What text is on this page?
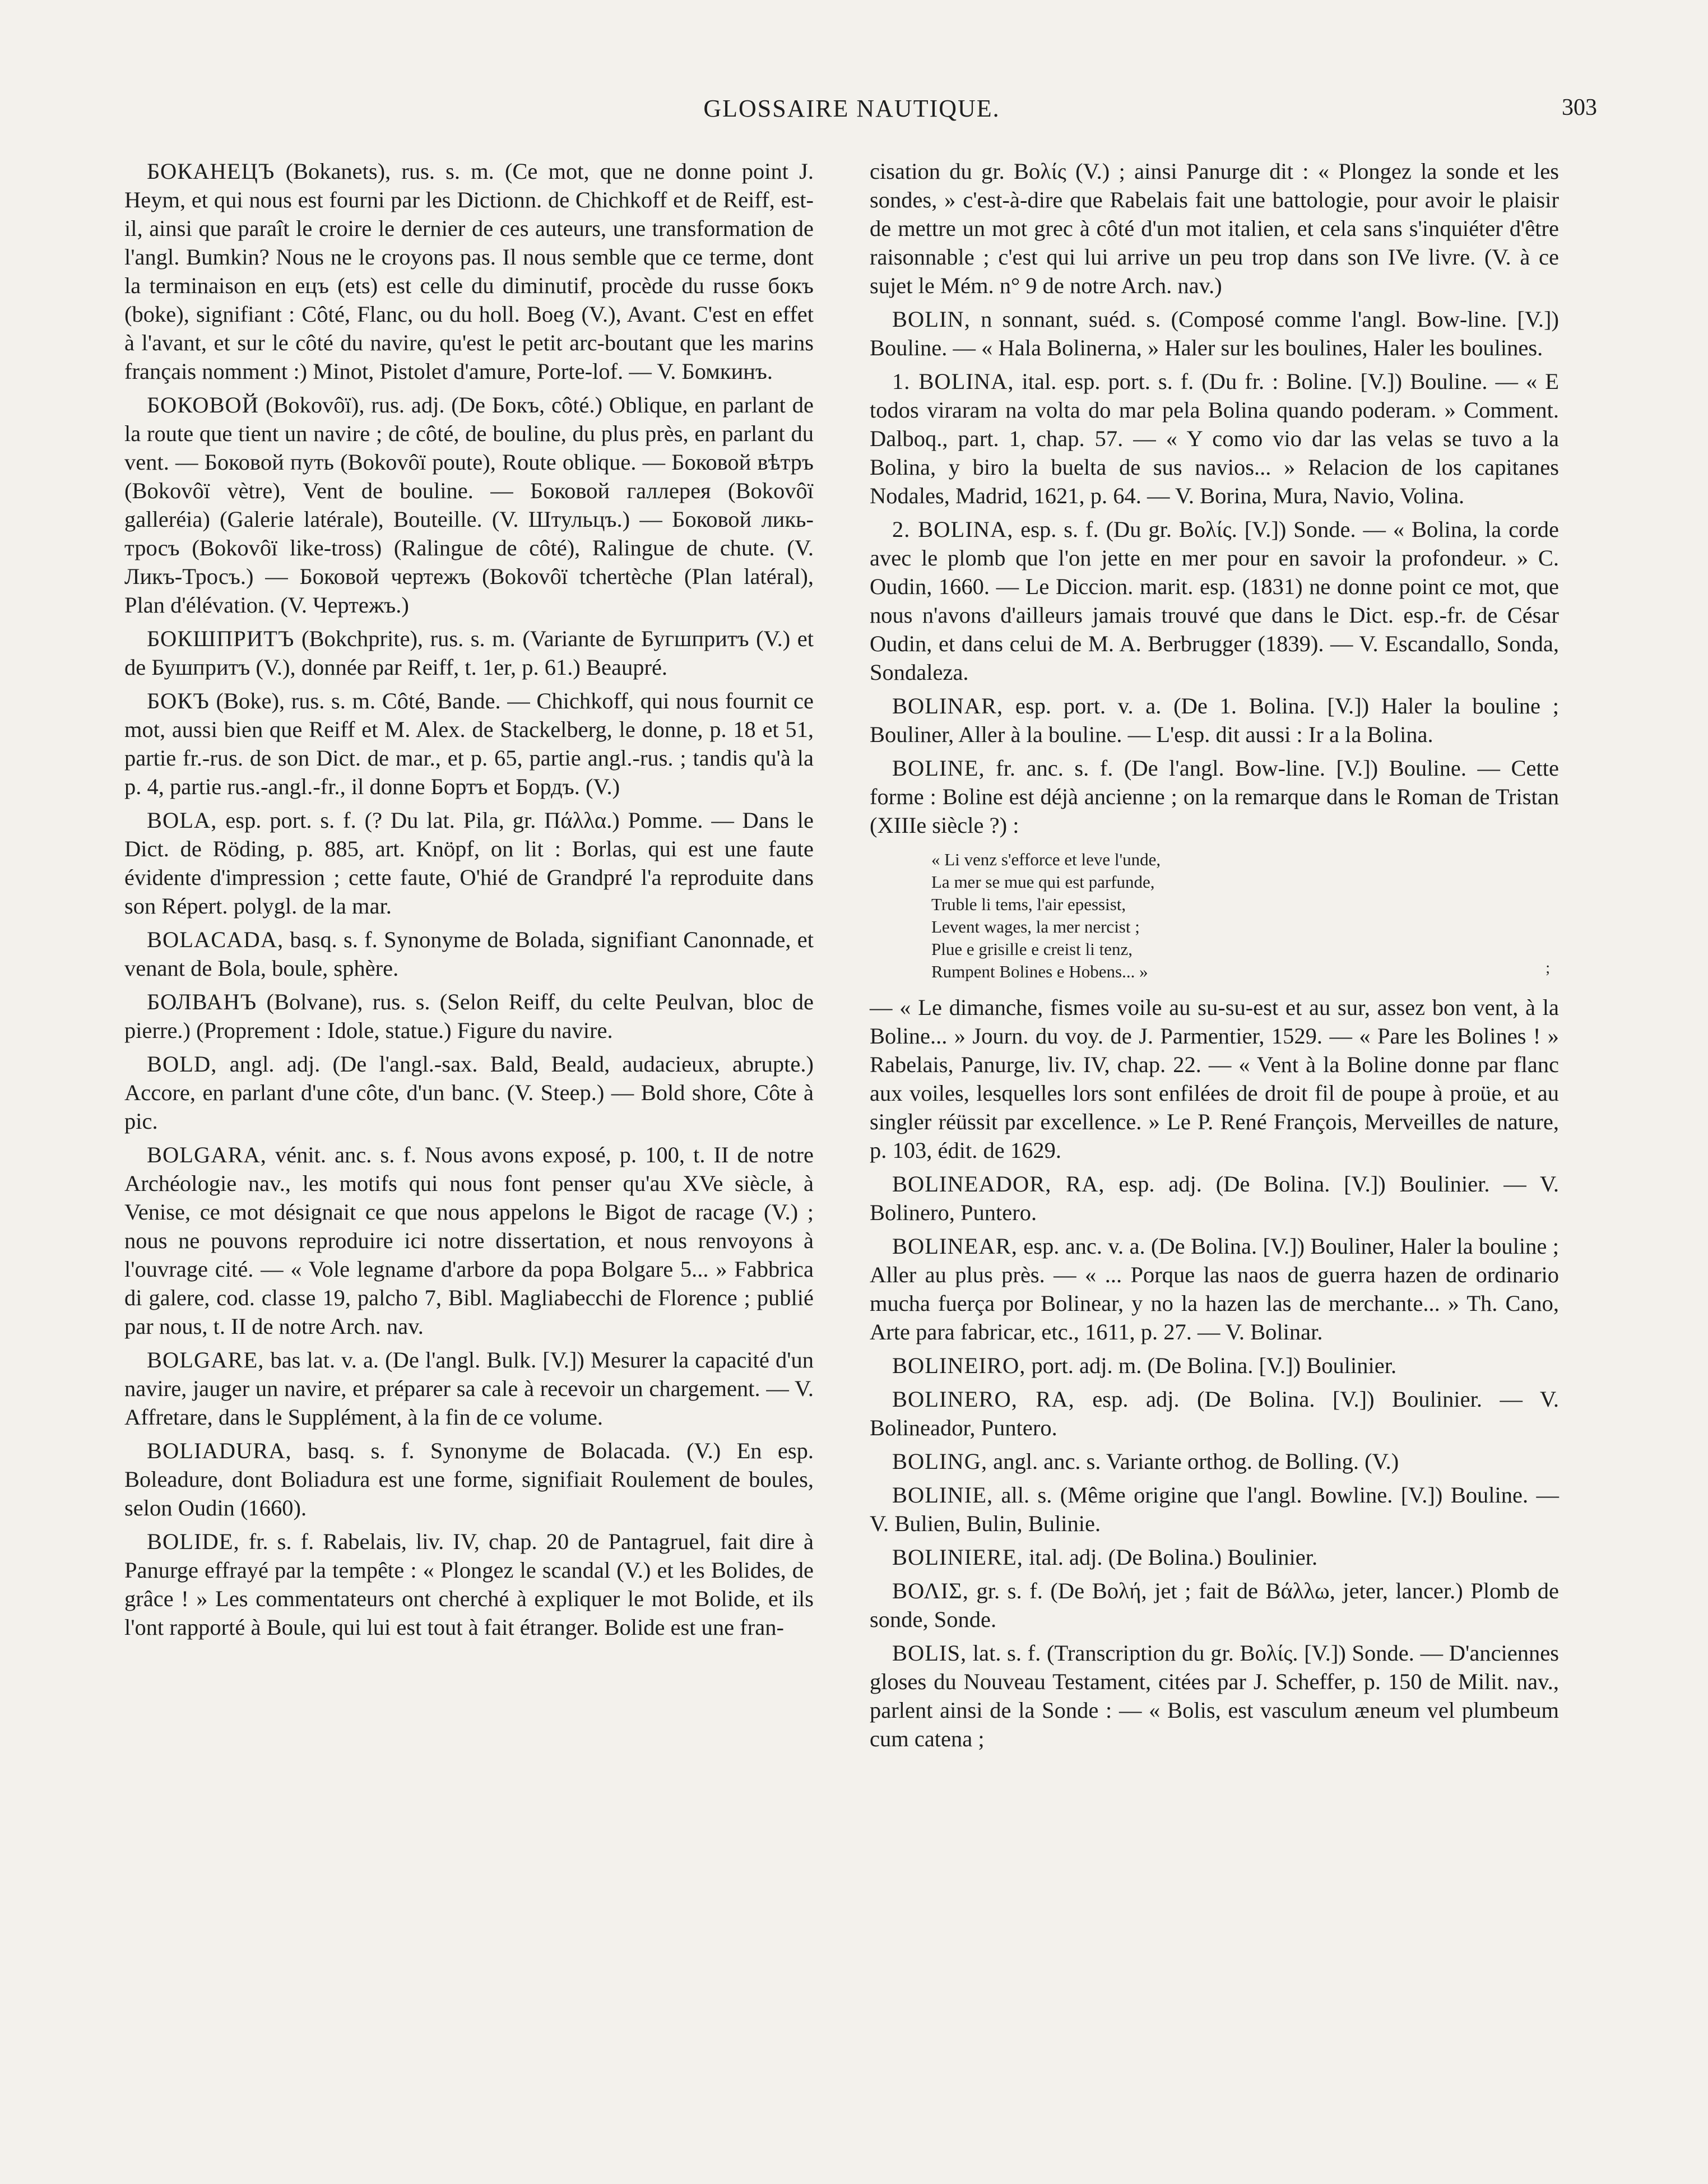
GLOSSAIRE NAUTIQUE.	303

БОКАНЕЦЪ (Bokanets), rus. s. m. (Ce mot, que ne donne point J. Heym, et qui nous est fourni par les Dictionn. de Chichkoff et de Reiff, est-il, ainsi que paraît le croire le dernier de ces auteurs, une transformation de l'angl. Bumkin? Nous ne le croyons pas. Il nous semble que ce terme, dont la terminaison en ецъ (ets) est celle du diminutif, procède du russe бокъ (boke), signifiant : Côté, Flanc, ou du holl. Boeg (V.), Avant. C'est en effet à l'avant, et sur le côté du navire, qu'est le petit arc-boutant que les marins français nomment :) Minot, Pistolet d'amure, Porte-lof. — V. Бомкинъ.

БОКОВОЙ (Bokovôï), rus. adj. (De Бокъ, côté.) Oblique, en parlant de la route que tient un navire ; de côté, de bouline, du plus près, en parlant du vent. — Боковой путь (Bokovôï poute), Route oblique. — Боковой вѣтръ (Bokovôï vètre), Vent de bouline. — Боковой галлерея (Bokovôï galleréia) (Galerie latérale), Bouteille. (V. Штульцъ.) — Боковой ликь-тросъ (Bokovôï like-tross) (Ralingue de côté), Ralingue de chute. (V. Ликъ-Тросъ.) — Боковой чертежъ (Bokovôï tchertèche (Plan latéral), Plan d'élévation. (V. Чертежъ.)

БОКШПРИТЪ (Bokchprite), rus. s. m. (Variante de Бугшпритъ (V.) et de Бушпритъ (V.), donnée par Reiff, t. 1er, p. 61.) Beaupré.

БОКЪ (Boke), rus. s. m. Côté, Bande. — Chichkoff, qui nous fournit ce mot, aussi bien que Reiff et M. Alex. de Stackelberg, le donne, p. 18 et 51, partie fr.-rus. de son Dict. de mar., et p. 65, partie angl.-rus. ; tandis qu'à la p. 4, partie rus.-angl.-fr., il donne Бортъ et Бордъ. (V.)

BOLA, esp. port. s. f. (? Du lat. Pila, gr. Πάλλα.) Pomme. — Dans le Dict. de Röding, p. 885, art. Knöpf, on lit : Borlas, qui est une faute évidente d'impression ; cette faute, O'hié de Grandpré l'a reproduite dans son Répert. polygl. de la mar.

BOLACADA, basq. s. f. Synonyme de Bolada, signifiant Canonnade, et venant de Bola, boule, sphère.

БОЛВАНЪ (Bolvane), rus. s. (Selon Reiff, du celte Peulvan, bloc de pierre.) (Proprement : Idole, statue.) Figure du navire.

BOLD, angl. adj. (De l'angl.-sax. Bald, Beald, audacieux, abrupte.) Accore, en parlant d'une côte, d'un banc. (V. Steep.) — Bold shore, Côte à pic.

BOLGARA, vénit. anc. s. f. Nous avons exposé, p. 100, t. II de notre Archéologie nav., les motifs qui nous font penser qu'au XVe siècle, à Venise, ce mot désignait ce que nous appelons le Bigot de racage (V.) ; nous ne pouvons reproduire ici notre dissertation, et nous renvoyons à l'ouvrage cité. — « Vole legname d'arbore da popa Bolgare 5... » Fabbrica di galere, cod. classe 19, palcho 7, Bibl. Magliabecchi de Florence ; publié par nous, t. II de notre Arch. nav.

BOLGARE, bas lat. v. a. (De l'angl. Bulk. [V.]) Mesurer la capacité d'un navire, jauger un navire, et préparer sa cale à recevoir un chargement. — V. Affretare, dans le Supplément, à la fin de ce volume.

BOLIADURA, basq. s. f. Synonyme de Bolacada. (V.) En esp. Boleadure, dont Boliadura est une forme, signifiait Roulement de boules, selon Oudin (1660).

BOLIDE, fr. s. f. Rabelais, liv. IV, chap. 20 de Pantagruel, fait dire à Panurge effrayé par la tempête : « Plongez le scandal (V.) et les Bolides, de grâce ! » Les commentateurs ont cherché à expliquer le mot Bolide, et ils l'ont rapporté à Boule, qui lui est tout à fait étranger. Bolide est une fran-

cisation du gr. Βολίς (V.) ; ainsi Panurge dit : « Plongez la sonde et les sondes, » c'est-à-dire que Rabelais fait une battologie, pour avoir le plaisir de mettre un mot grec à côté d'un mot italien, et cela sans s'inquiéter d'être raisonnable ; c'est qui lui arrive un peu trop dans son IVe livre. (V. à ce sujet le Mém. n° 9 de notre Arch. nav.)

BOLIN, n sonnant, suéd. s. (Composé comme l'angl. Bow-line. [V.]) Bouline. — « Hala Bolinerna, » Haler sur les boulines, Haler les boulines.

1. BOLINA, ital. esp. port. s. f. (Du fr. : Boline. [V.]) Bouline. — « E todos viraram na volta do mar pela Bolina quando poderam. » Comment. Dalboq., part. 1, chap. 57. — « Y como vio dar las velas se tuvo a la Bolina, y biro la buelta de sus navios... » Relacion de los capitanes Nodales, Madrid, 1621, p. 64. — V. Borina, Mura, Navio, Volina.

2. BOLINA, esp. s. f. (Du gr. Βολίς. [V.]) Sonde. — « Bolina, la corde avec le plomb que l'on jette en mer pour en savoir la profondeur. » C. Oudin, 1660. — Le Diccion. marit. esp. (1831) ne donne point ce mot, que nous n'avons d'ailleurs jamais trouvé que dans le Dict. esp.-fr. de César Oudin, et dans celui de M. A. Berbrugger (1839). — V. Escandallo, Sonda, Sondaleza.

BOLINAR, esp. port. v. a. (De 1. Bolina. [V.]) Haler la bouline ; Bouliner, Aller à la bouline. — L'esp. dit aussi : Ir a la Bolina.

BOLINE, fr. anc. s. f. (De l'angl. Bow-line. [V.]) Bouline. — Cette forme : Boline est déjà ancienne ; on la remarque dans le Roman de Tristan (XIIIe siècle ?) :

« Li venz s'efforce et leve l'unde,
La mer se mue qui est parfunde,
Truble li tems, l'air epessist,
Levent wages, la mer nercist ;
Plue e grisille e creist li tenz,
Rumpent Bolines e Hobens... »	;

— « Le dimanche, fismes voile au su-su-est et au sur, assez bon vent, à la Boline... » Journ. du voy. de J. Parmentier, 1529. — « Pare les Bolines ! » Rabelais, Panurge, liv. IV, chap. 22. — « Vent à la Boline donne par flanc aux voiles, lesquelles lors sont enfilées de droit fil de poupe à proüe, et au singler réüssit par excellence. » Le P. René François, Merveilles de nature, p. 103, édit. de 1629.

BOLINEADOR, RA, esp. adj. (De Bolina. [V.]) Boulinier. — V. Bolinero, Puntero.

BOLINEAR, esp. anc. v. a. (De Bolina. [V.]) Bouliner, Haler la bouline ; Aller au plus près. — « ... Porque las naos de guerra hazen de ordinario mucha fuerça por Bolinear, y no la hazen las de merchante... » Th. Cano, Arte para fabricar, etc., 1611, p. 27. — V. Bolinar.

BOLINEIRO, port. adj. m. (De Bolina. [V.]) Boulinier.

BOLINERO, RA, esp. adj. (De Bolina. [V.]) Boulinier. — V. Bolineador, Puntero.

BOLING, angl. anc. s. Variante orthog. de Bolling. (V.)

BOLINIE, all. s. (Même origine que l'angl. Bowline. [V.]) Bouline. — V. Bulien, Bulin, Bulinie.

BOLINIERE, ital. adj. (De Bolina.) Boulinier.

ΒΟΛΙΣ, gr. s. f. (De Βολή, jet ; fait de Βάλλω, jeter, lancer.) Plomb de sonde, Sonde.

BOLIS, lat. s. f. (Transcription du gr. Βολίς. [V.]) Sonde. — D'anciennes gloses du Nouveau Testament, citées par J. Scheffer, p. 150 de Milit. nav., parlent ainsi de la Sonde : — « Bolis, est vasculum æneum vel plumbeum cum catena ;
